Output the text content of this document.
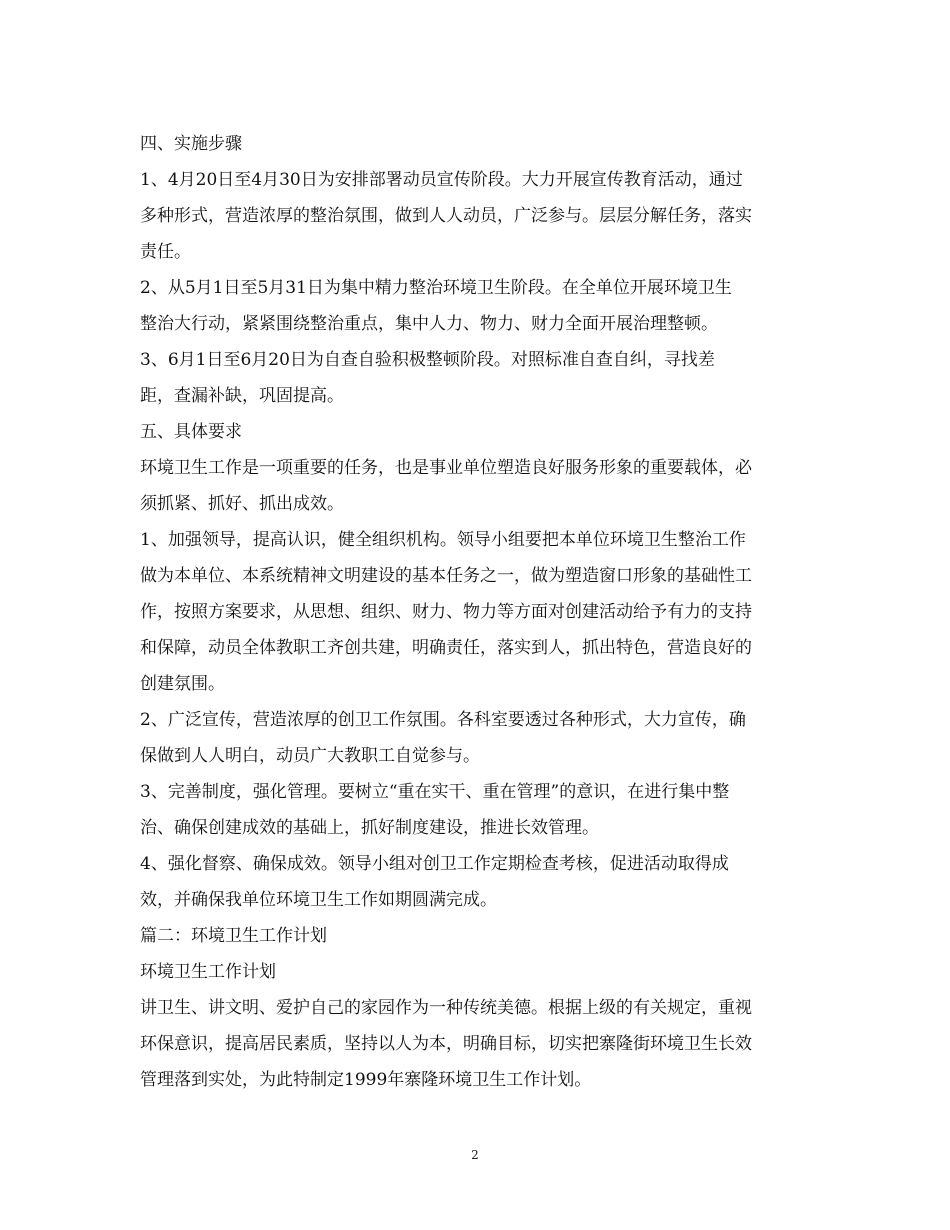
四、实施步骤

1、4月20日至4月30日为安排部署动员宣传阶段。大力开展宣传教育活动，通过
多种形式，营造浓厚的整治氛围，做到人人动员，广泛参与。层层分解任务，落实
责任。

2、从5月1日至5月31日为集中精力整治环境卫生阶段。在全单位开展环境卫生
整治大行动，紧紧围绕整治重点，集中人力、物力、财力全面开展治理整顿。

3、6月1日至6月20日为自查自验积极整顿阶段。对照标准自查自纠，寻找差
距，查漏补缺，巩固提高。

五、具体要求

环境卫生工作是一项重要的任务，也是事业单位塑造良好服务形象的重要载体，必
须抓紧、抓好、抓出成效。

1、加强领导，提高认识，健全组织机构。领导小组要把本单位环境卫生整治工作
做为本单位、本系统精神文明建设的基本任务之一，做为塑造窗口形象的基础性工
作，按照方案要求，从思想、组织、财力、物力等方面对创建活动给予有力的支持
和保障，动员全体教职工齐创共建，明确责任，落实到人，抓出特色，营造良好的
创建氛围。

2、广泛宣传，营造浓厚的创卫工作氛围。各科室要透过各种形式，大力宣传，确
保做到人人明白，动员广大教职工自觉参与。

3、完善制度，强化管理。要树立“重在实干、重在管理”的意识，在进行集中整
治、确保创建成效的基础上，抓好制度建设，推进长效管理。

4、强化督察、确保成效。领导小组对创卫工作定期检查考核，促进活动取得成
效，并确保我单位环境卫生工作如期圆满完成。

篇二：环境卫生工作计划

环境卫生工作计划

讲卫生、讲文明、爱护自己的家园作为一种传统美德。根据上级的有关规定，重视
环保意识，提高居民素质，坚持以人为本，明确目标，切实把寨隆街环境卫生长效
管理落到实处，为此特制定1999年寨隆环境卫生工作计划。

2
